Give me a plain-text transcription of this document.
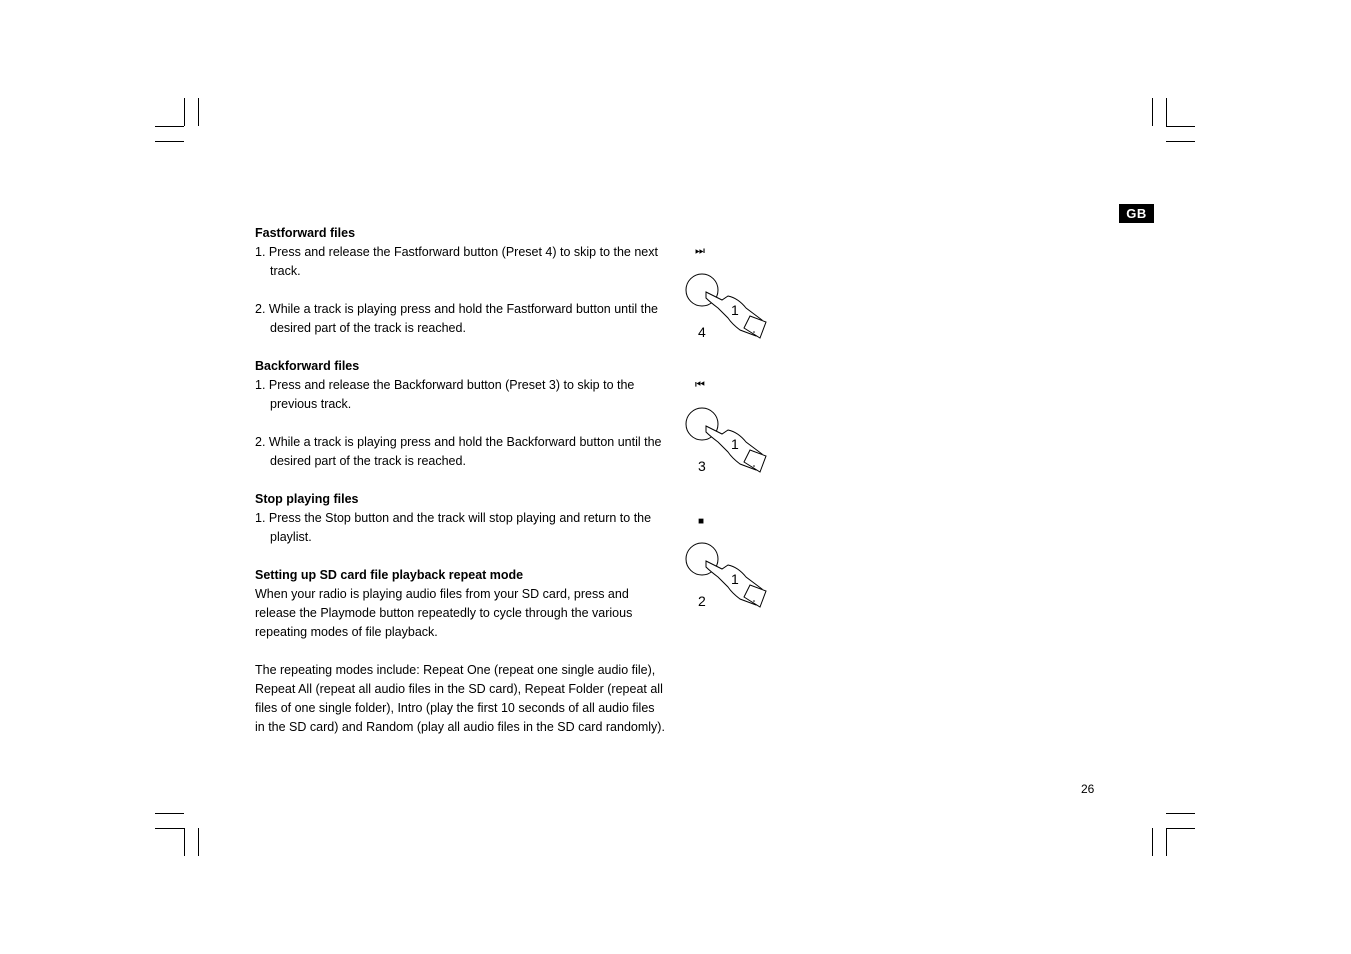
GB
26

Fastforward files

1. Press and release the Fastforward button (Preset 4) to skip to the next track.

2. While a track is playing press and hold the Fastforward button until the desired part of the track is reached.

Backforward files

1. Press and release the Backforward button (Preset 3) to skip to the previous track.

2. While a track is playing press and hold the Backforward button until the desired part of the track is reached.

Stop playing files

1. Press the Stop button and the track will stop playing and return to the playlist.

Setting up SD card file playback repeat mode

When your radio is playing audio files from your SD card, press and release the Playmode button repeatedly to cycle through the various repeating modes of file playback.

The repeating modes include: Repeat One (repeat one single audio file), Repeat All (repeat all audio files in the SD card), Repeat Folder (repeat all files of one single folder), Intro (play the first 10 seconds of all audio files in the SD card) and Random (play all audio files in the SD card randomly).

⏭
1
4
⏮
1
3
■
1
2
